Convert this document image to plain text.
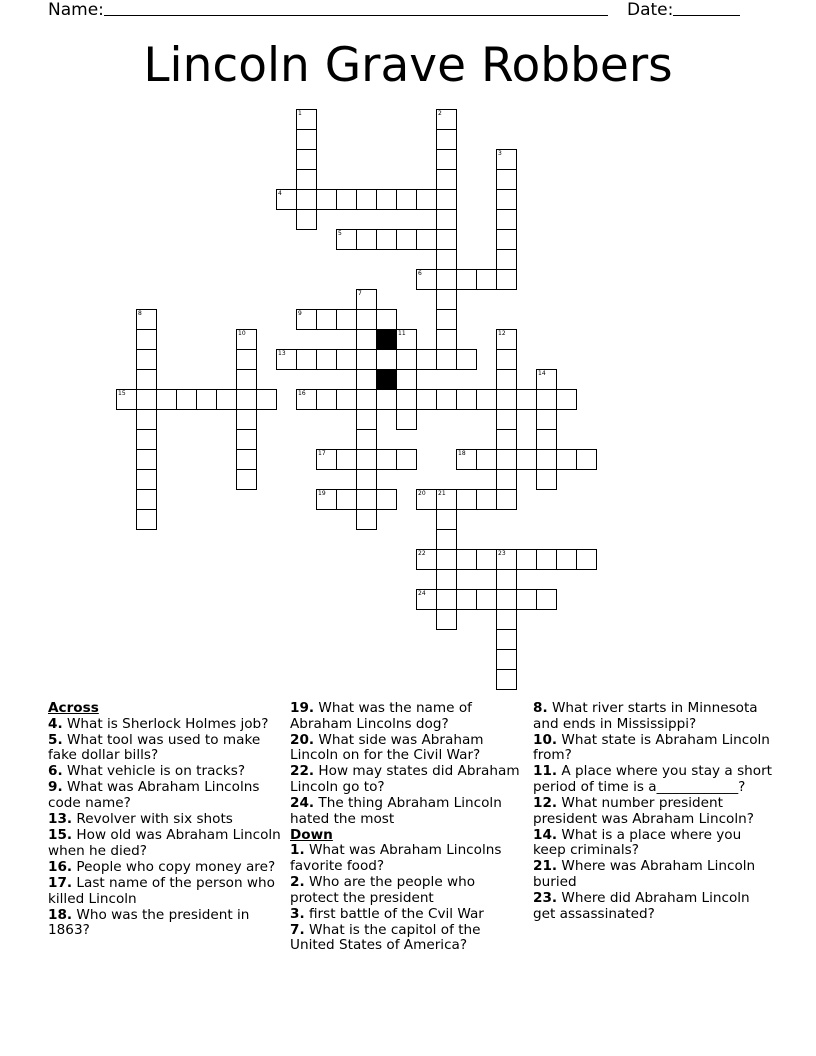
Name:	Date:
Lincoln Grave Robbers
1	2
3
4
5
6
7
8	9
10	11	12
13
14
15	16
17	18
19	20 21
22	23
24
Across
4. What is Sherlock Holmes job?
5. What tool was used to make fake dollar bills?
6. What vehicle is on tracks?
9. What was Abraham Lincolns code name?
13. Revolver with six shots
15. How old was Abraham Lincoln when he died?
16. People who copy money are?
17. Last name of the person who killed Lincoln
18. Who was the president in 1863?
19. What was the name of Abraham Lincolns dog?
20. What side was Abraham Lincoln on for the Civil War?
22. How may states did Abraham Lincoln go to?
24. The thing Abraham Lincoln hated the most
Down
1. What was Abraham Lincolns favorite food?
2. Who are the people who protect the president
3. first battle of the Cvil War
7. What is the capitol of the United States of America?
8. What river starts in Minnesota and ends in Mississippi?
10. What state is Abraham Lincoln from?
11. A place where you stay a short period of time is a____________?
12. What number president president was Abraham Lincoln?
14. What is a place where you keep criminals?
21. Where was Abraham Lincoln buried
23. Where did Abraham Lincoln get assassinated?
